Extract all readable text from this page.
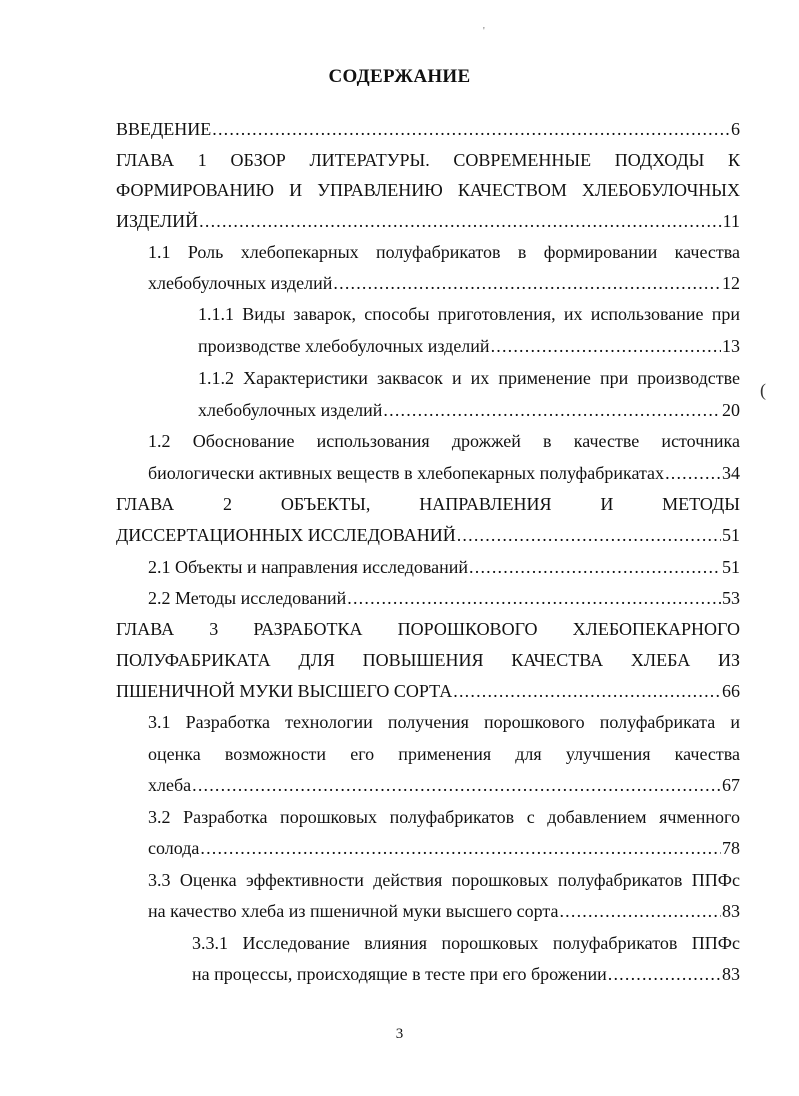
'
СОДЕРЖАНИЕ
ВВЕДЕНИЕ .....	6
ГЛАВА 1 ОБЗОР ЛИТЕРАТУРЫ. СОВРЕМЕННЫЕ ПОДХОДЫ К
ФОРМИРОВАНИЮ И УПРАВЛЕНИЮ КАЧЕСТВОМ ХЛЕБОБУЛОЧНЫХ
ИЗДЕЛИЙ .....	11
1.1 Роль хлебопекарных полуфабрикатов в формировании качества
хлебобулочных изделий .....	12
1.1.1 Виды заварок, способы приготовления, их использование при
производстве хлебобулочных изделий .....	13
1.1.2 Характеристики заквасок и их применение при производстве
хлебобулочных изделий .....	20
1.2 Обоснование использования дрожжей в качестве источника
биологически активных веществ в хлебопекарных полуфабрикатах .....	34
ГЛАВА 2 ОБЪЕКТЫ, НАПРАВЛЕНИЯ И МЕТОДЫ
ДИССЕРТАЦИОННЫХ ИССЛЕДОВАНИЙ .....	51
2.1 Объекты и направления исследований .....	51
2.2 Методы исследований .....	53
ГЛАВА 3 РАЗРАБОТКА ПОРОШКОВОГО ХЛЕБОПЕКАРНОГО
ПОЛУФАБРИКАТА ДЛЯ ПОВЫШЕНИЯ КАЧЕСТВА ХЛЕБА ИЗ
ПШЕНИЧНОЙ МУКИ ВЫСШЕГО СОРТА .....	66
3.1 Разработка технологии получения порошкового полуфабриката и
оценка возможности его применения для улучшения качества
хлеба .....	67
3.2 Разработка порошковых полуфабрикатов с добавлением ячменного
солода .....	78
3.3 Оценка эффективности действия порошковых полуфабрикатов ППФс
на качество хлеба из пшеничной муки высшего сорта .....	83
3.3.1 Исследование влияния порошковых полуфабрикатов ППФс
на процессы, происходящие в тесте при его брожении .....	83
(
3
